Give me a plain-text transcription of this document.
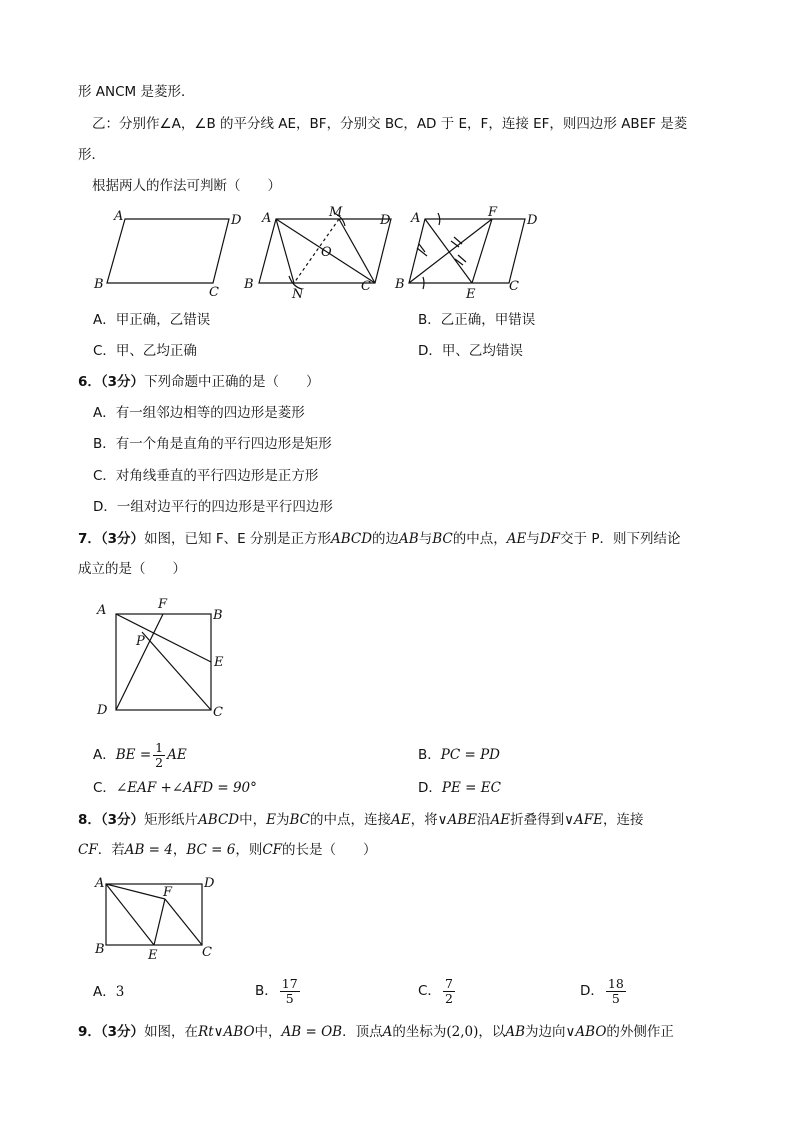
形 ANCM 是菱形．
乙：分别作∠A，∠B 的平分线 AE，BF，分别交 BC，AD 于 E，F，连接 EF，则四边形 ABEF 是菱
形．
根据两人的作法可判断（　　）
A	D
B
C
A	M
D
O
B
N
C
A	F
D
B
E
C
A	F
B
P
E
D	C
A	D
F
B	E	C
A．甲正确，乙错误	B．乙正确，甲错误
C．甲、乙均正确	D．甲、乙均错误
6．（3分）下列命题中正确的是（　　）
A．有一组邻边相等的四边形是菱形
B．有一个角是直角的平行四边形是矩形
C．对角线垂直的平行四边形是正方形
D．一组对边平行的四边形是平行四边形
7．（3分）如图，已知 F、E 分别是正方形ABCD的边AB与BC的中点，AE与DF交于 P．则下列结论
成立的是（　　）
A．BE = $\frac{1}{2}$ AE	B．PC = PD
C．∠EAF +∠AFD = 90°	D．PE = EC
8．（3分）矩形纸片ABCD中，E为BC的中点，连接AE，将∨ABE沿AE折叠得到∨AFE，连接
CF．若AB = 4，BC = 6，则CF的长是（　　）
A．3	B． $\frac{17}{5}$	C． $\frac{7}{2}$	D． $\frac{18}{5}$
9．（3分）如图，在Rt∨ABO中，AB = OB．顶点A的坐标为(2,0)，以AB为边向∨ABO的外侧作正
